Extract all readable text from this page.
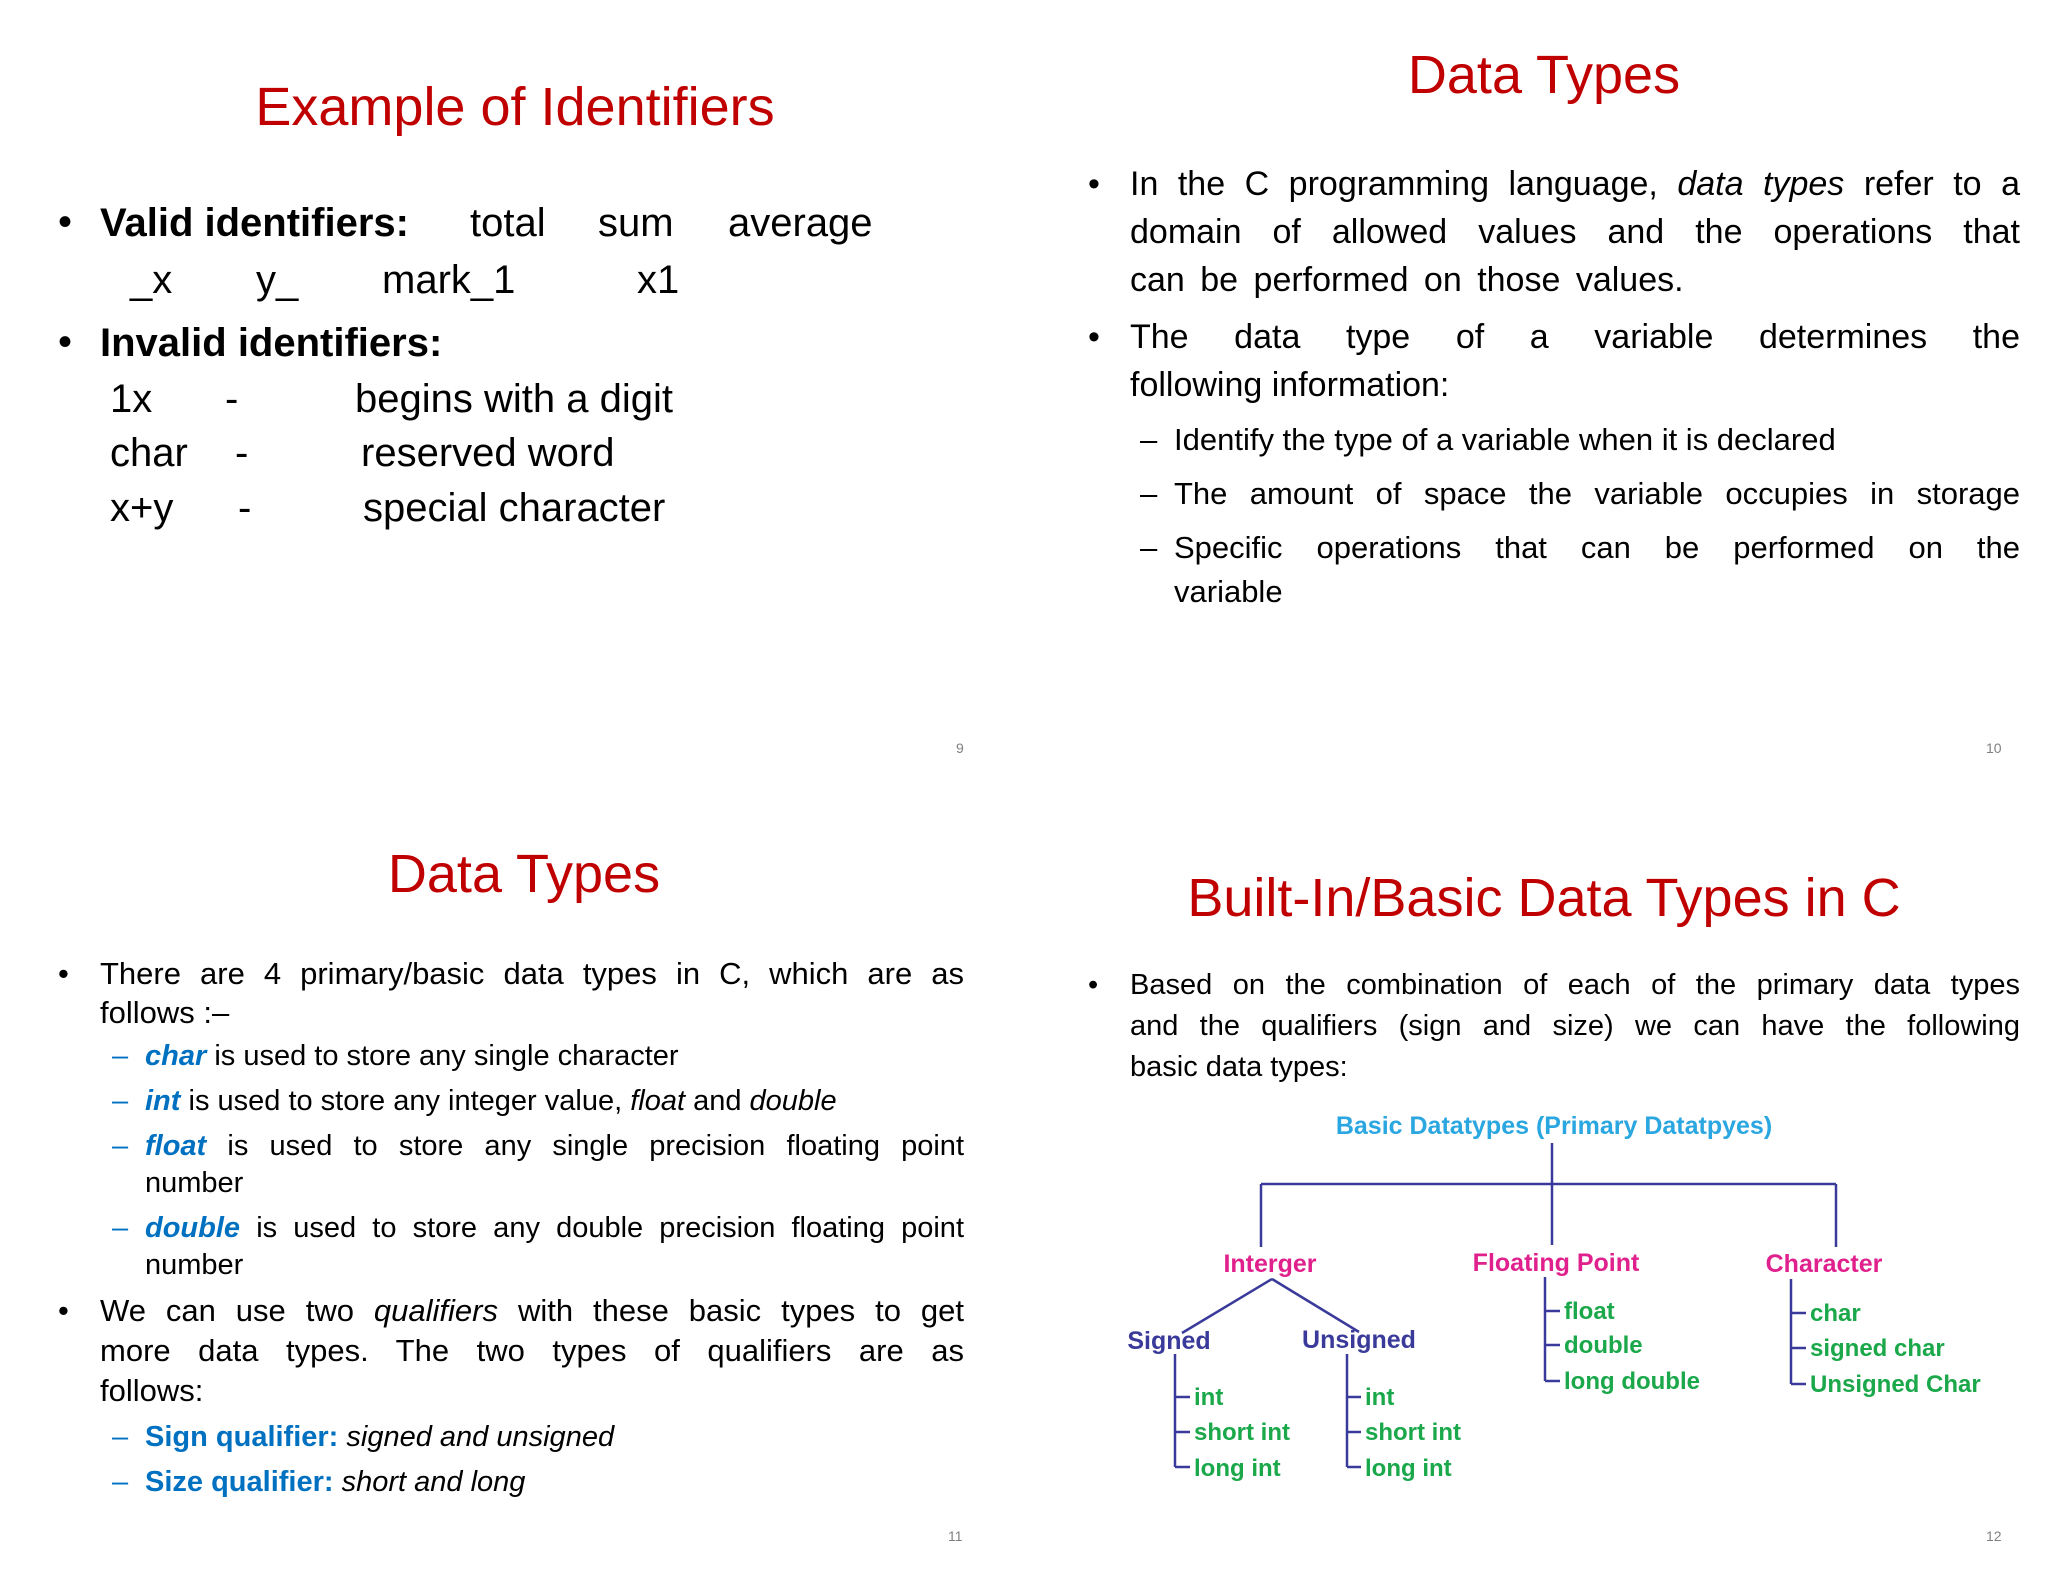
Example of Identifiers
• Valid identifiers: total sum average
_x y_ mark_1	x1
• Invalid identifiers:
1x -	begins with a digit
char -	reserved word
x+y -	special character
9
Data Types
• In the C programming language, data types refer to a
domain of allowed values and the operations that
can be performed on those values.
• The data type of a variable determines the
following information:
– Identify the type of a variable when it is declared
– The amount of space the variable occupies in storage
– Specific operations that can be performed on the
variable
10
Data Types
• There are 4 primary/basic data types in C, which are as
follows :–
– char is used to store any single character
– int is used to store any integer value, float and double
– float is used to store any single precision floating point
number
– double is used to store any double precision floating point
number
• We can use two qualifiers with these basic types to get
more data types. The two types of qualifiers are as
follows:
– Sign qualifier: signed and unsigned
– Size qualifier: short and long
11
Built-In/Basic Data Types in C
• Based on the combination of each of the primary data types
and the qualifiers (sign and size) we can have the following
basic data types:
Basic Datatypes (Primary Datatpyes)
Interger	Floating Point	Character
Signed	Unsigned
int
short int
long int
int
short int
long int
float
double
long double
char
signed char
Unsigned Char
12
